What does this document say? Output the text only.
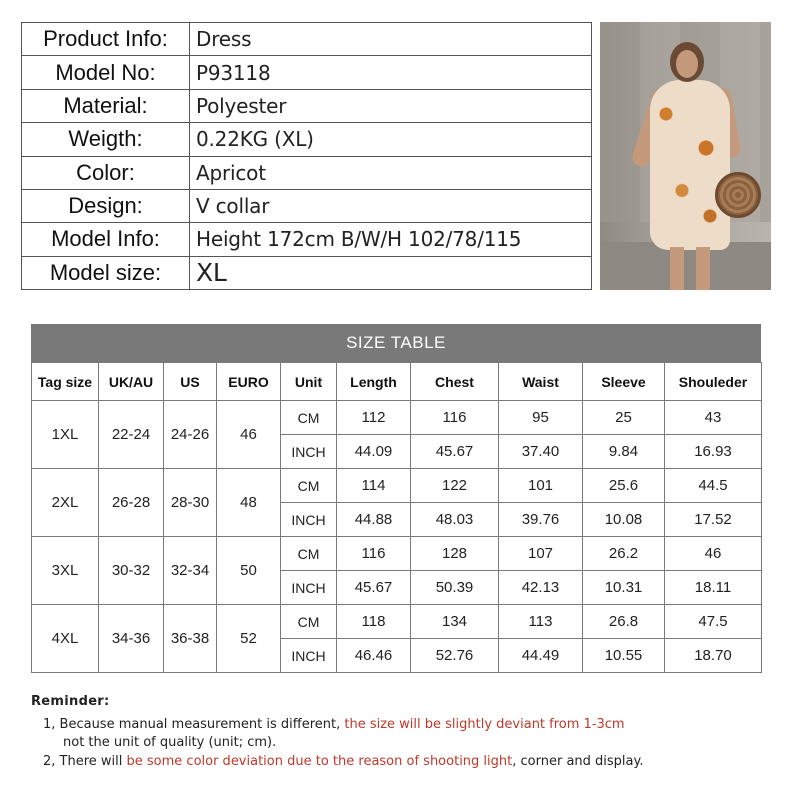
Product Info:	Dress
Model No:	P93118
Material:	Polyester
Weigth:	0.22KG (XL)
Color:	Apricot
Design:	V collar
Model Info:	Height 172cm B/W/H 102/78/115
Model size:	XL
SIZE TABLE
Tag size	UK/AU	US	EURO	Unit	Length	Chest	Waist	Sleeve	Shouleder
1XL	22-24	24-26	46	CM	112	116	95	25	43
				INCH	44.09	45.67	37.40	9.84	16.93
2XL	26-28	28-30	48	CM	114	122	101	25.6	44.5
				INCH	44.88	48.03	39.76	10.08	17.52
3XL	30-32	32-34	50	CM	116	128	107	26.2	46
				INCH	45.67	50.39	42.13	10.31	18.11
4XL	34-36	36-38	52	CM	118	134	113	26.8	47.5
				INCH	46.46	52.76	44.49	10.55	18.70
Reminder:
1, Because manual measurement is different, the size will be slightly deviant from 1-3cm
not the unit of quality (unit; cm).
2, There will be some color deviation due to the reason of shooting light, corner and display.
